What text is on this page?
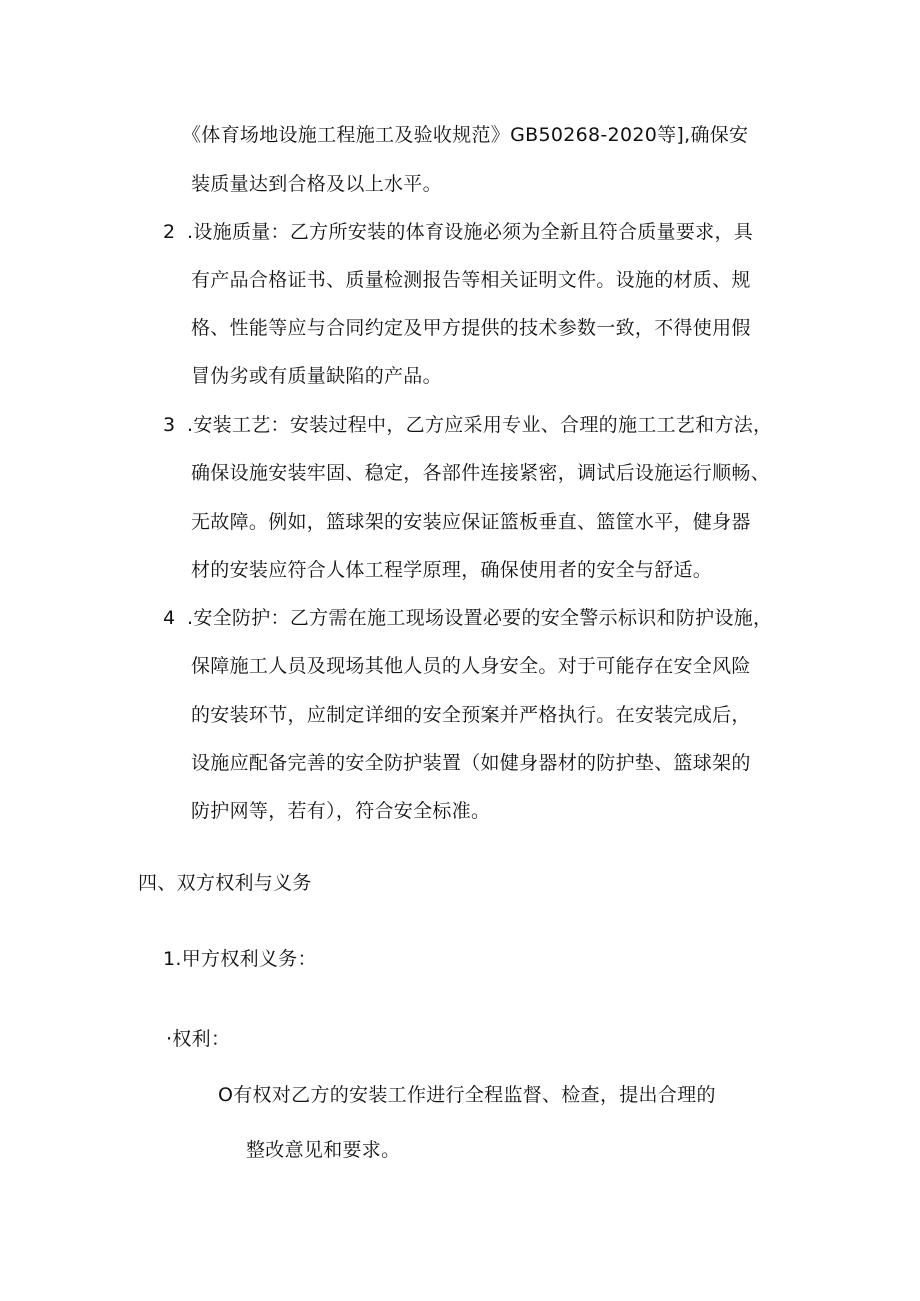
《体育场地设施工程施工及验收规范》GB50268-2020等],确保安
装质量达到合格及以上水平。
2 .设施质量：乙方所安装的体育设施必须为全新且符合质量要求，具
有产品合格证书、质量检测报告等相关证明文件。设施的材质、规
格、性能等应与合同约定及甲方提供的技术参数一致，不得使用假
冒伪劣或有质量缺陷的产品。
3 .安装工艺：安装过程中，乙方应采用专业、合理的施工工艺和方法，
确保设施安装牢固、稳定，各部件连接紧密，调试后设施运行顺畅、
无故障。例如，篮球架的安装应保证篮板垂直、篮筐水平，健身器
材的安装应符合人体工程学原理，确保使用者的安全与舒适。
4 .安全防护：乙方需在施工现场设置必要的安全警示标识和防护设施，
保障施工人员及现场其他人员的人身安全。对于可能存在安全风险
的安装环节，应制定详细的安全预案并严格执行。在安装完成后，
设施应配备完善的安全防护装置（如健身器材的防护垫、篮球架的
防护网等，若有），符合安全标准。
四、双方权利与义务
1.甲方权利义务：
·权利：
O有权对乙方的安装工作进行全程监督、检查，提出合理的
整改意见和要求。
